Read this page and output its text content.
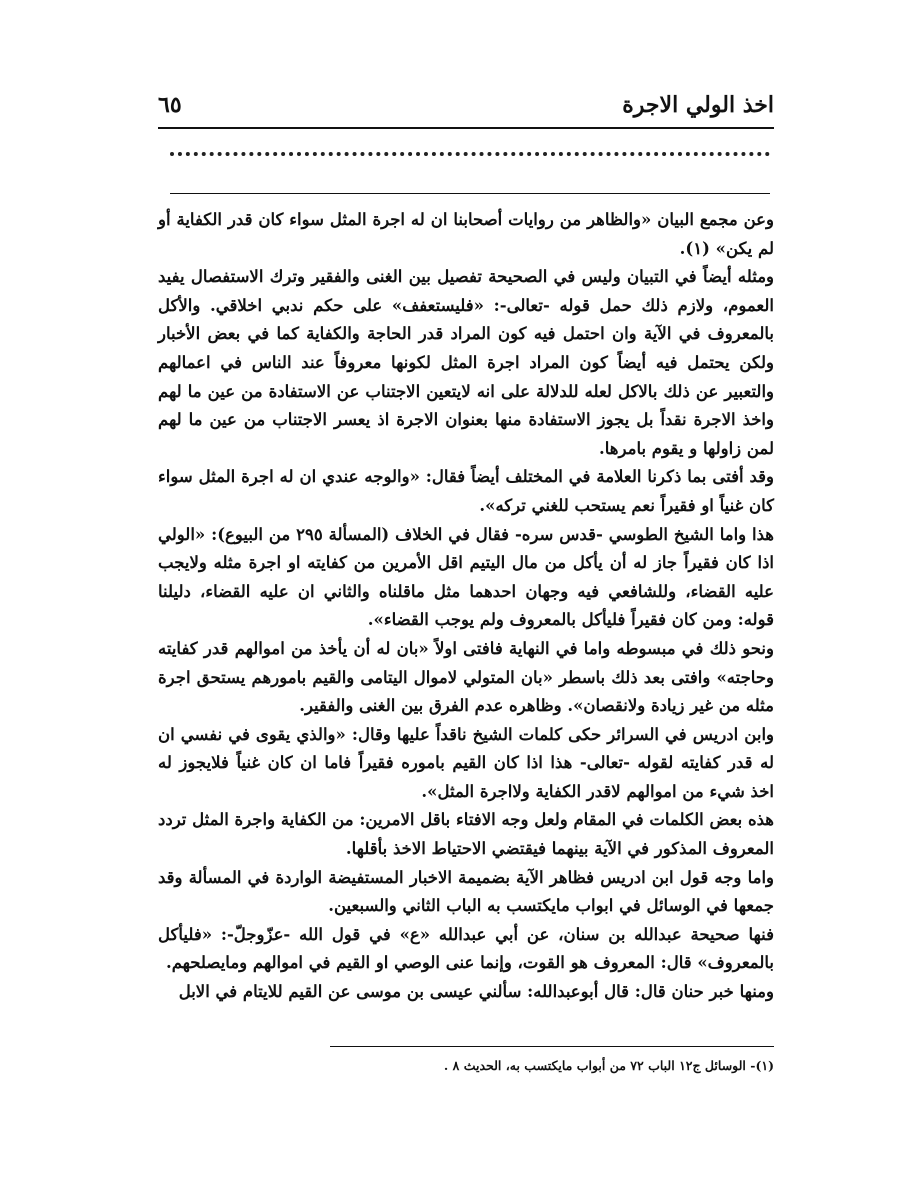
اخذ الولي الاجرة
٦٥

وعن مجمع البيان «والظاهر من روايات أصحابنا ان له اجرة المثل سواء كان قدر الكفاية أو لم يكن» (١).

ومثله أيضاً في التبيان وليس في الصحيحة تفصيل بين الغنى والفقير وترك الاستفصال يفيد العموم، ولازم ذلك حمل قوله -تعالى-: «فليستعفف» على حكم ندبي اخلاقي. والأكل بالمعروف في الآية وان احتمل فيه كون المراد قدر الحاجة والكفاية كما في بعض الأخبار ولكن يحتمل فيه أيضاً كون المراد اجرة المثل لكونها معروفاً عند الناس في اعمالهم والتعبير عن ذلك بالاكل لعله للدلالة على انه لايتعين الاجتناب عن الاستفادة من عين ما لهم واخذ الاجرة نقداً بل يجوز الاستفادة منها بعنوان الاجرة اذ يعسر الاجتناب من عين ما لهم لمن زاولها و يقوم بامرها.

وقد أفتى بما ذكرنا العلامة في المختلف أيضاً فقال: «والوجه عندي ان له اجرة المثل سواء كان غنياً او فقيراً نعم يستحب للغني تركه».

هذا واما الشيخ الطوسي -قدس سره- فقال في الخلاف (المسألة ٢٩٥ من البيوع): «الولي اذا كان فقيراً جاز له أن يأكل من مال اليتيم اقل الأمرين من كفايته او اجرة مثله ولايجب عليه القضاء، وللشافعي فيه وجهان احدهما مثل ماقلناه والثاني ان عليه القضاء، دليلنا قوله: ومن كان فقيراً فليأكل بالمعروف ولم يوجب القضاء».

ونحو ذلك في مبسوطه واما في النهاية فافتى اولاً «بان له أن يأخذ من اموالهم قدر كفايته وحاجته» وافتى بعد ذلك باسطر «بان المتولي لاموال اليتامى والقيم بامورهم يستحق اجرة مثله من غير زيادة ولانقصان». وظاهره عدم الفرق بين الغنى والفقير.

وابن ادريس في السرائر حكى كلمات الشيخ ناقداً عليها وقال: «والذي يقوى في نفسي ان له قدر كفايته لقوله -تعالى- هذا اذا كان القيم باموره فقيراً فاما ان كان غنياً فلايجوز له اخذ شيء من اموالهم لاقدر الكفاية ولااجرة المثل».

هذه بعض الكلمات في المقام ولعل وجه الافتاء باقل الامرين: من الكفاية واجرة المثل تردد المعروف المذكور في الآية بينهما فيقتضي الاحتياط الاخذ بأقلها.

واما وجه قول ابن ادريس فظاهر الآية بضميمة الاخبار المستفيضة الواردة في المسألة وقد جمعها في الوسائل في ابواب مايكتسب به الباب الثاني والسبعين.

فنها صحيحة عبدالله بن سنان، عن أبي عبدالله «ع» في قول الله -عزّوجلّ-: «فليأكل بالمعروف» قال: المعروف هو القوت، وإنما عنى الوصي او القيم في اموالهم ومايصلحهم.

ومنها خبر حنان قال: قال أبوعبدالله: سألني عيسى بن موسى عن القيم للايتام في الابل

(١)- الوسائل ج١٢ الباب ٧٢ من أبواب مايكتسب به، الحديث ٨ .
